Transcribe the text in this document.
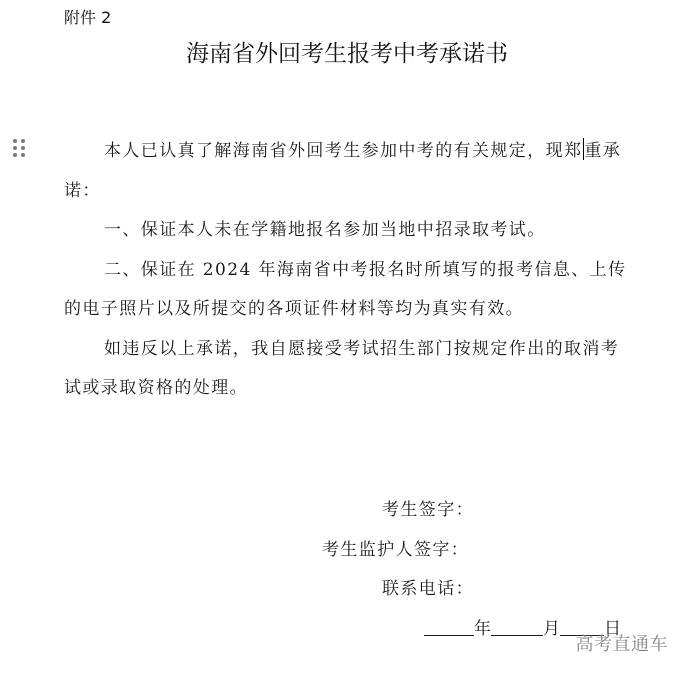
附件 2
海南省外回考生报考中考承诺书

本人已认真了解海南省外回考生参加中考的有关规定，现郑 重承诺：

一、保证本人未在学籍地报名参加当地中招录取考试。

二、保证在 2024 年海南省中考报名时所填写的报考信息、上传的电子照片以及所提交的各项证件材料等均为真实有效。

如违反以上承诺，我自愿接受考试招生部门按规定作出的取消考试或录取资格的处理。

考生签字：
考生监护人签字：
联系电话：
年	月	日
高考直通车
